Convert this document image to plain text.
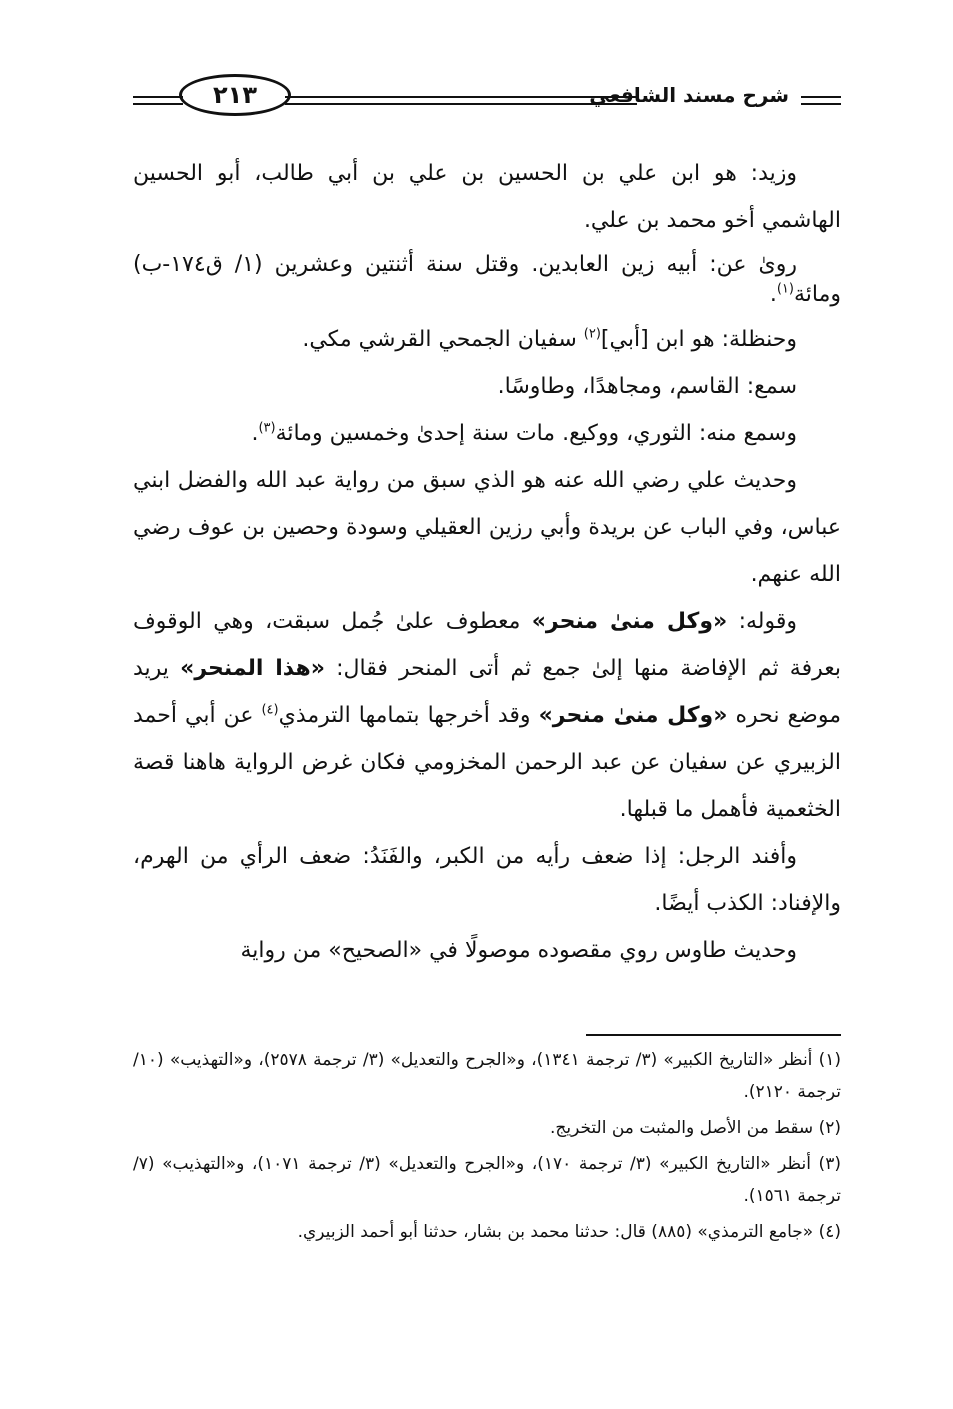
شرح مسند الشافعي
٢١٣

وزيد: هو ابن علي بن الحسين بن علي بن أبي طالب، أبو الحسين الهاشمي أخو محمد بن علي.

رویٰ عن: أبيه زين العابدين. وقتل سنة أثنتين وعشرين (١/ ق١٧٤-ب) ومائة$^{(١)}$.

وحنظلة: هو ابن [أبي]$^{(٢)}$ سفيان الجمحي القرشي مكي.

سمع: القاسم، ومجاهدًا، وطاوسًا.

وسمع منه: الثوري، ووكيع. مات سنة إحدىٰ وخمسين ومائة$^{(٣)}$.

وحديث علي رضي الله عنه هو الذي سبق من رواية عبد الله والفضل ابني عباس، وفي الباب عن بريدة وأبي رزين العقيلي وسودة وحصين بن عوف رضي الله عنهم.

وقوله: «وكل منىٰ منحر» معطوف علىٰ جُمل سبقت، وهي الوقوف بعرفة ثم الإفاضة منها إلىٰ جمع ثم أتى المنحر فقال: «هذا المنحر» يريد موضع نحره «وكل منىٰ منحر» وقد أخرجها بتمامها الترمذي$^{(٤)}$ عن أبي أحمد الزبيري عن سفيان عن عبد الرحمن المخزومي فكان غرض الرواية هاهنا قصة الخثعمية فأهمل ما قبلها.

وأفند الرجل: إذا ضعف رأيه من الكبر، والفَنَدُ: ضعف الرأي من الهرم، والإفناد: الكذب أيضًا.

وحديث طاوس روي مقصوده موصولًا في «الصحيح» من رواية

(١) أنظر «التاريخ الكبير» (٣/ ترجمة ١٣٤١)، و«الجرح والتعديل» (٣/ ترجمة ٢٥٧٨)، و«التهذيب» (١٠/ ترجمة ٢١٢٠).

(٢) سقط من الأصل والمثبت من التخريج.

(٣) أنظر «التاريخ الكبير» (٣/ ترجمة ١٧٠)، و«الجرح والتعديل» (٣/ ترجمة ١٠٧١)، و«التهذيب» (٧/ ترجمة ١٥٦١).

(٤) «جامع الترمذي» (٨٨٥) قال: حدثنا محمد بن بشار، حدثنا أبو أحمد الزبيري.
